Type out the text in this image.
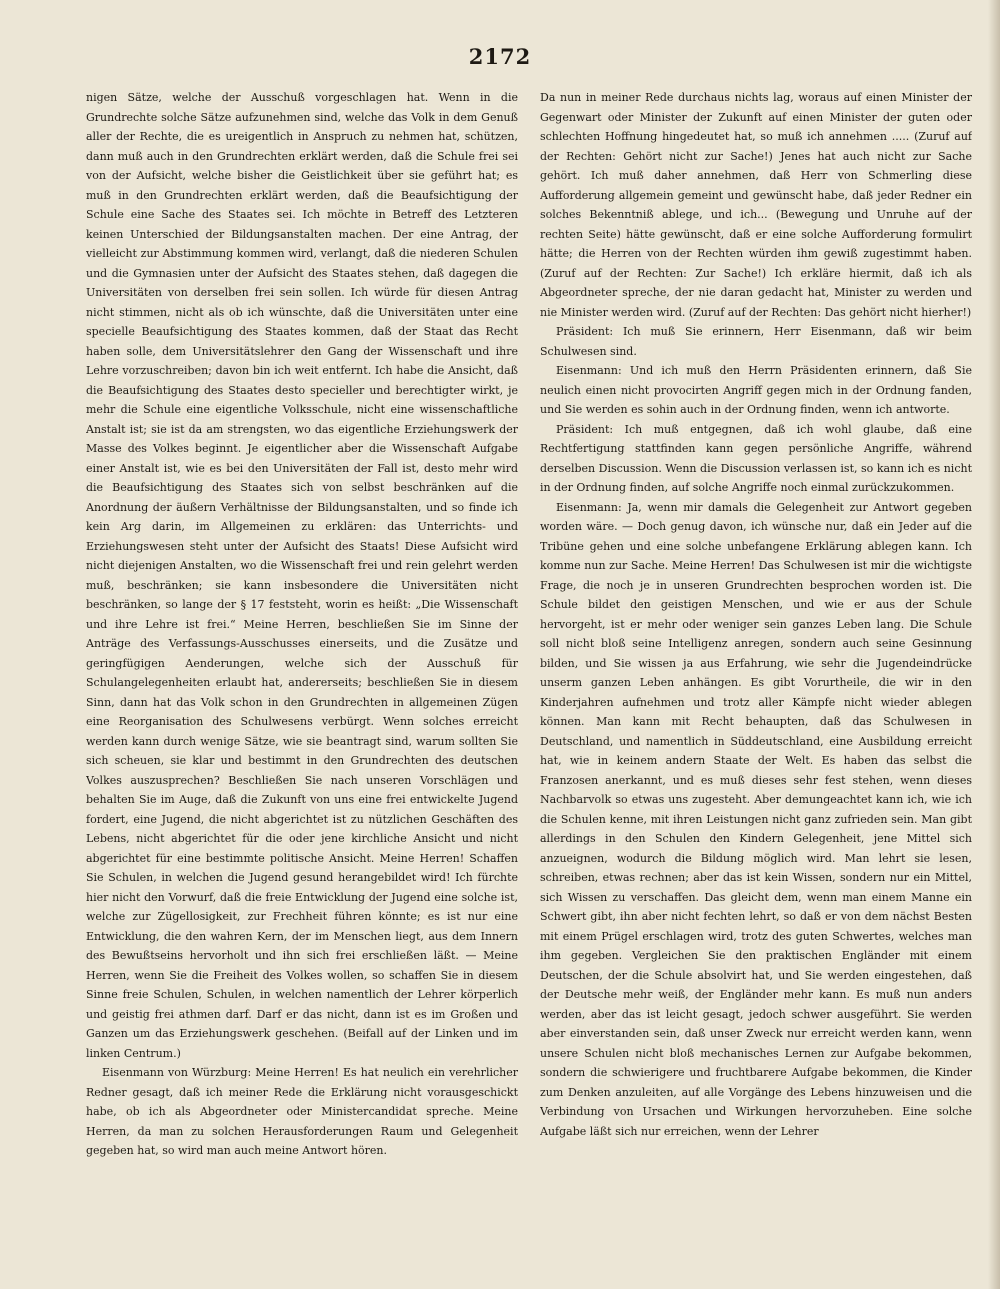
2172

nigen Sätze, welche der Ausschuß vorgeschlagen hat. Wenn in die Grundrechte solche Sätze aufzunehmen sind, welche das Volk in dem Genuß aller der Rechte, die es ureigentlich in Anspruch zu nehmen hat, schützen, dann muß auch in den Grundrechten erklärt werden, daß die Schule frei sei von der Aufsicht, welche bisher die Geistlichkeit über sie geführt hat; es muß in den Grundrechten erklärt werden, daß die Beaufsichtigung der Schule eine Sache des Staates sei. Ich möchte in Betreff des Letzteren keinen Unterschied der Bildungsanstalten machen. Der eine Antrag, der vielleicht zur Abstimmung kommen wird, verlangt, daß die niederen Schulen und die Gymnasien unter der Aufsicht des Staates stehen, daß dagegen die Universitäten von derselben frei sein sollen. Ich würde für diesen Antrag nicht stimmen, nicht als ob ich wünschte, daß die Universitäten unter eine specielle Beaufsichtigung des Staates kommen, daß der Staat das Recht haben solle, dem Universitätslehrer den Gang der Wissenschaft und ihre Lehre vorzuschreiben; davon bin ich weit entfernt. Ich habe die Ansicht, daß die Beaufsichtigung des Staates desto specieller und berechtigter wirkt, je mehr die Schule eine eigentliche Volksschule, nicht eine wissenschaftliche Anstalt ist; sie ist da am strengsten, wo das eigentliche Erziehungswerk der Masse des Volkes beginnt. Je eigentlicher aber die Wissenschaft Aufgabe einer Anstalt ist, wie es bei den Universitäten der Fall ist, desto mehr wird die Beaufsichtigung des Staates sich von selbst beschränken auf die Anordnung der äußern Verhältnisse der Bildungsanstalten, und so finde ich kein Arg darin, im Allgemeinen zu erklären: das Unterrichts- und Erziehungswesen steht unter der Aufsicht des Staats! Diese Aufsicht wird nicht diejenigen Anstalten, wo die Wissenschaft frei und rein gelehrt werden muß, beschränken; sie kann insbesondere die Universitäten nicht beschränken, so lange der § 17 feststeht, worin es heißt: „Die Wissenschaft und ihre Lehre ist frei.“ Meine Herren, beschließen Sie im Sinne der Anträge des Verfassungs-Ausschusses einerseits, und die Zusätze und geringfügigen Aenderungen, welche sich der Ausschuß für Schulangelegenheiten erlaubt hat, andererseits; beschließen Sie in diesem Sinn, dann hat das Volk schon in den Grundrechten in allgemeinen Zügen eine Reorganisation des Schulwesens verbürgt. Wenn solches erreicht werden kann durch wenige Sätze, wie sie beantragt sind, warum sollten Sie sich scheuen, sie klar und bestimmt in den Grundrechten des deutschen Volkes auszusprechen? Beschließen Sie nach unseren Vorschlägen und behalten Sie im Auge, daß die Zukunft von uns eine frei entwickelte Jugend fordert, eine Jugend, die nicht abgerichtet ist zu nützlichen Geschäften des Lebens, nicht abgerichtet für die oder jene kirchliche Ansicht und nicht abgerichtet für eine bestimmte politische Ansicht. Meine Herren! Schaffen Sie Schulen, in welchen die Jugend gesund herangebildet wird! Ich fürchte hier nicht den Vorwurf, daß die freie Entwicklung der Jugend eine solche ist, welche zur Zügellosigkeit, zur Frechheit führen könnte; es ist nur eine Entwicklung, die den wahren Kern, der im Menschen liegt, aus dem Innern des Bewußtseins hervorholt und ihn sich frei erschließen läßt. — Meine Herren, wenn Sie die Freiheit des Volkes wollen, so schaffen Sie in diesem Sinne freie Schulen, Schulen, in welchen namentlich der Lehrer körperlich und geistig frei athmen darf. Darf er das nicht, dann ist es im Großen und Ganzen um das Erziehungswerk geschehen. (Beifall auf der Linken und im linken Centrum.)

Eisenmann von Würzburg: Meine Herren! Es hat neulich ein verehrlicher Redner gesagt, daß ich meiner Rede die Erklärung nicht vorausgeschickt habe, ob ich als Abgeordneter oder Ministercandidat spreche. Meine Herren, da man zu solchen Herausforderungen Raum und Gelegenheit gegeben hat, so wird man auch meine Antwort hören.

Da nun in meiner Rede durchaus nichts lag, woraus auf einen Minister der Gegenwart oder Minister der Zukunft auf einen Minister der guten oder schlechten Hoffnung hingedeutet hat, so muß ich annehmen ..... (Zuruf auf der Rechten: Gehört nicht zur Sache!) Jenes hat auch nicht zur Sache gehört. Ich muß daher annehmen, daß Herr von Schmerling diese Aufforderung allgemein gemeint und gewünscht habe, daß jeder Redner ein solches Bekenntniß ablege, und ich... (Bewegung und Unruhe auf der rechten Seite) hätte gewünscht, daß er eine solche Aufforderung formulirt hätte; die Herren von der Rechten würden ihm gewiß zugestimmt haben. (Zuruf auf der Rechten: Zur Sache!) Ich erkläre hiermit, daß ich als Abgeordneter spreche, der nie daran gedacht hat, Minister zu werden und nie Minister werden wird. (Zuruf auf der Rechten: Das gehört nicht hierher!)

Präsident: Ich muß Sie erinnern, Herr Eisenmann, daß wir beim Schulwesen sind.

Eisenmann: Und ich muß den Herrn Präsidenten erinnern, daß Sie neulich einen nicht provocirten Angriff gegen mich in der Ordnung fanden, und Sie werden es sohin auch in der Ordnung finden, wenn ich antworte.

Präsident: Ich muß entgegnen, daß ich wohl glaube, daß eine Rechtfertigung stattfinden kann gegen persönliche Angriffe, während derselben Discussion. Wenn die Discussion verlassen ist, so kann ich es nicht in der Ordnung finden, auf solche Angriffe noch einmal zurückzukommen.

Eisenmann: Ja, wenn mir damals die Gelegenheit zur Antwort gegeben worden wäre. — Doch genug davon, ich wünsche nur, daß ein Jeder auf die Tribüne gehen und eine solche unbefangene Erklärung ablegen kann. Ich komme nun zur Sache. Meine Herren! Das Schulwesen ist mir die wichtigste Frage, die noch je in unseren Grundrechten besprochen worden ist. Die Schule bildet den geistigen Menschen, und wie er aus der Schule hervorgeht, ist er mehr oder weniger sein ganzes Leben lang. Die Schule soll nicht bloß seine Intelligenz anregen, sondern auch seine Gesinnung bilden, und Sie wissen ja aus Erfahrung, wie sehr die Jugendeindrücke unserm ganzen Leben anhängen. Es gibt Vorurtheile, die wir in den Kinderjahren aufnehmen und trotz aller Kämpfe nicht wieder ablegen können. Man kann mit Recht behaupten, daß das Schulwesen in Deutschland, und namentlich in Süddeutschland, eine Ausbildung erreicht hat, wie in keinem andern Staate der Welt. Es haben das selbst die Franzosen anerkannt, und es muß dieses sehr fest stehen, wenn dieses Nachbarvolk so etwas uns zugesteht. Aber demungeachtet kann ich, wie ich die Schulen kenne, mit ihren Leistungen nicht ganz zufrieden sein. Man gibt allerdings in den Schulen den Kindern Gelegenheit, jene Mittel sich anzueignen, wodurch die Bildung möglich wird. Man lehrt sie lesen, schreiben, etwas rechnen; aber das ist kein Wissen, sondern nur ein Mittel, sich Wissen zu verschaffen. Das gleicht dem, wenn man einem Manne ein Schwert gibt, ihn aber nicht fechten lehrt, so daß er von dem nächst Besten mit einem Prügel erschlagen wird, trotz des guten Schwertes, welches man ihm gegeben. Vergleichen Sie den praktischen Engländer mit einem Deutschen, der die Schule absolvirt hat, und Sie werden eingestehen, daß der Deutsche mehr weiß, der Engländer mehr kann. Es muß nun anders werden, aber das ist leicht gesagt, jedoch schwer ausgeführt. Sie werden aber einverstanden sein, daß unser Zweck nur erreicht werden kann, wenn unsere Schulen nicht bloß mechanisches Lernen zur Aufgabe bekommen, sondern die schwierigere und fruchtbarere Aufgabe bekommen, die Kinder zum Denken anzuleiten, auf alle Vorgänge des Lebens hinzuweisen und die Verbindung von Ursachen und Wirkungen hervorzuheben. Eine solche Aufgabe läßt sich nur erreichen, wenn der Lehrer
